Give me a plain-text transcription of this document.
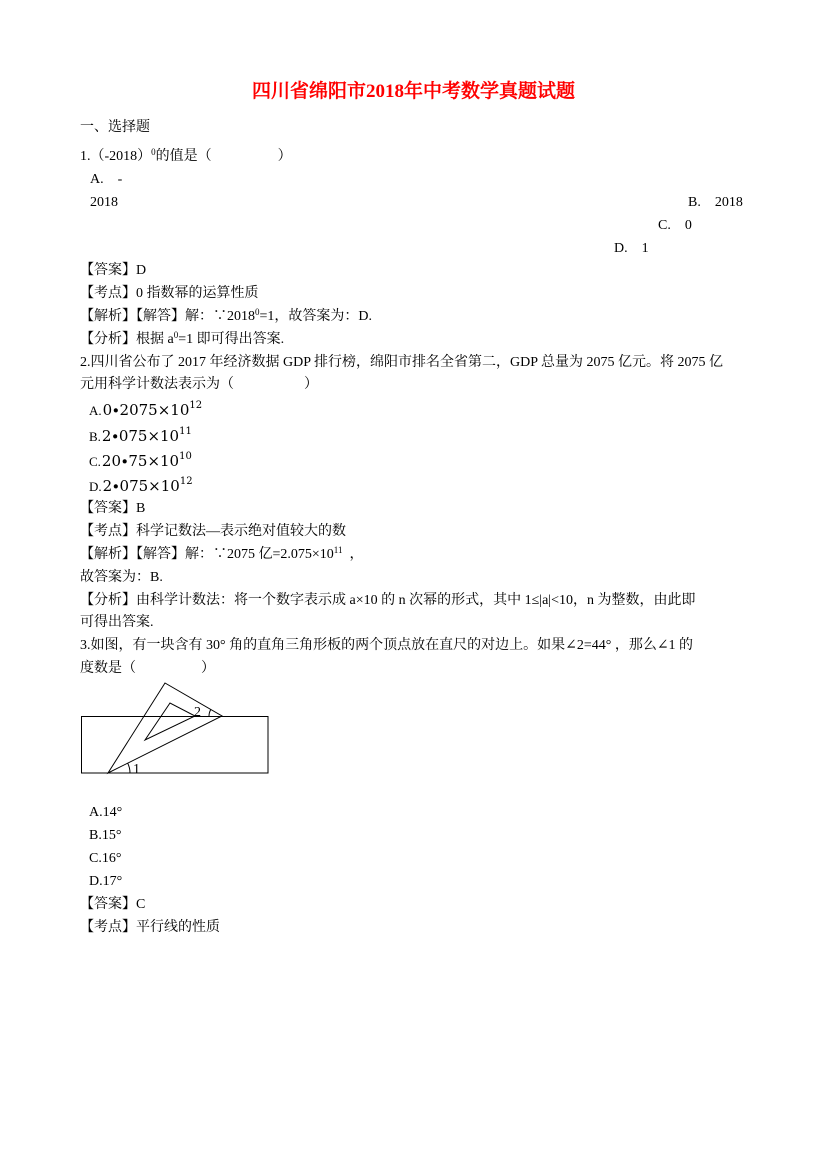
四川省绵阳市2018年中考数学真题试题
一、选择题
$1.(-2018)^0$的值是（	）
A. -
2018	B. 2018
C. 0
D. 1
【答案】D
【考点】0 指数幂的运算性质
【解析】【解答】解：$\because 2018^0=1$，故答案为：D.
【分析】根据 $a^0=1$ 即可得出答案.
2.四川省公布了 2017 年经济数据 GDP 排行榜，绵阳市排名全省第二，GDP 总量为 2075 亿元。将 2075 亿
元用科学计数法表示为（	）
$A.0\cdot 2075\times 10^{12}$
$B.2\cdot 075\times 10^{11}$
$C.20\cdot 75\times 10^{10}$
$D.2\cdot 075\times 10^{12}$
【答案】B
【考点】科学记数法—表示绝对值较大的数
【解析】【解答】解：∵2075 亿$=2.075\times 10^{11}$  ，
故答案为：B.
【分析】由科学计数法：将一个数字表示成 a×10 的 n 次幂的形式，其中 1≤|a|<10，n 为整数，由此即
可得出答案.
3.如图，有一块含有 30° 角的直角三角形板的两个顶点放在直尺的对边上。如果∠2=44° ，那么∠1 的
度数是（	）
2
1
A.14°
B.15°
C.16°
D.17°
【答案】C
【考点】平行线的性质
